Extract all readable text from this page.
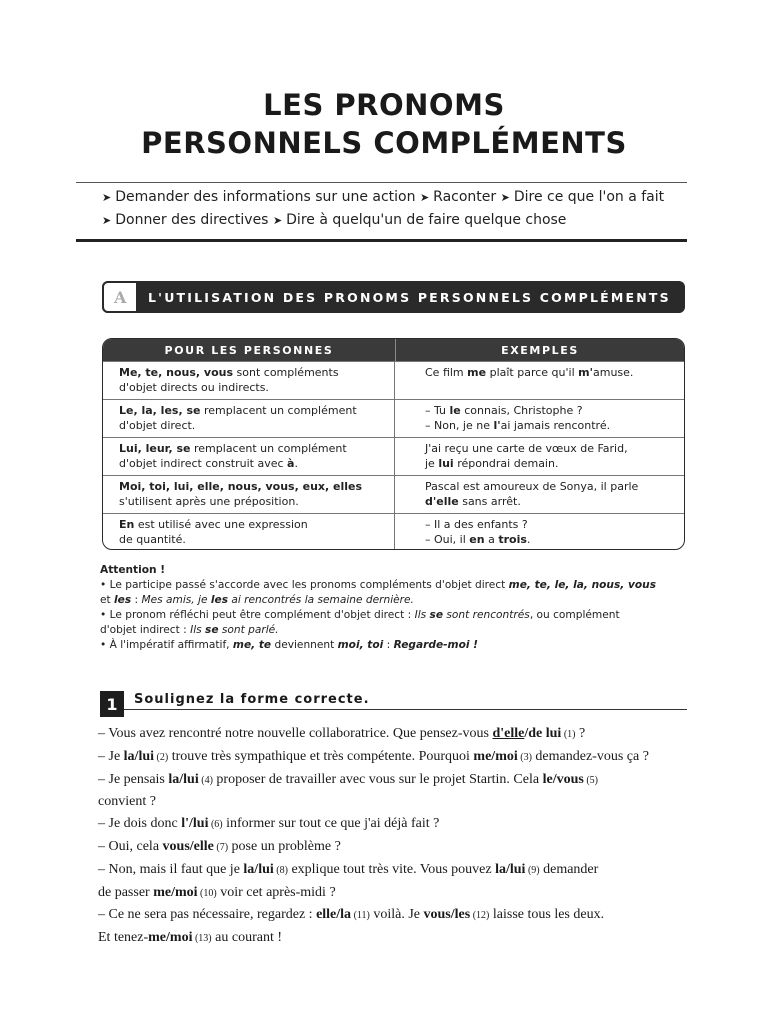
LES PRONOMS
PERSONNELS COMPLÉMENTS
➤ Demander des informations sur une action ➤ Raconter ➤ Dire ce que l'on a fait
➤ Donner des directives ➤ Dire à quelqu'un de faire quelque chose
A L'UTILISATION DES PRONOMS PERSONNELS COMPLÉMENTS
POUR LES PERSONNES	EXEMPLES

Me, te, nous, vous sont compléments

d'objet directs ou indirects.

Ce film me plaît parce qu'il m'amuse.

Le, la, les, se remplacent un complément

d'objet direct.

– Tu le connais, Christophe ?

– Non, je ne l'ai jamais rencontré.

Lui, leur, se remplacent un complément

d'objet indirect construit avec à.

J'ai reçu une carte de vœux de Farid,

je lui répondrai demain.

Moi, toi, lui, elle, nous, vous, eux, elles

s'utilisent après une préposition.

Pascal est amoureux de Sonya, il parle

d'elle sans arrêt.

En est utilisé avec une expression

de quantité.

– Il a des enfants ?

– Oui, il en a trois.

Attention !

• Le participe passé s'accorde avec les pronoms compléments d'objet direct me, te, le, la, nous, vous

et les : Mes amis, je les ai rencontrés la semaine dernière.

• Le pronom réfléchi peut être complément d'objet direct : Ils se sont rencontrés, ou complément

d'objet indirect : Ils se sont parlé.

• À l'impératif affirmatif, me, te deviennent moi, toi : Regarde-moi !

1	Soulignez la forme correcte.

– Vous avez rencontré notre nouvelle collaboratrice. Que pensez-vous d'elle/de lui (1) ?

– Je la/lui (2) trouve très sympathique et très compétente. Pourquoi me/moi (3) demandez-vous ça ?

– Je pensais la/lui (4) proposer de travailler avec vous sur le projet Startin. Cela le/vous (5)

convient ?

– Je dois donc l'/lui (6) informer sur tout ce que j'ai déjà fait ?

– Oui, cela vous/elle (7) pose un problème ?

– Non, mais il faut que je la/lui (8) explique tout très vite. Vous pouvez la/lui (9) demander

de passer me/moi (10) voir cet après-midi ?

– Ce ne sera pas nécessaire, regardez : elle/la (11) voilà. Je vous/les (12) laisse tous les deux.

Et tenez-me/moi (13) au courant !
